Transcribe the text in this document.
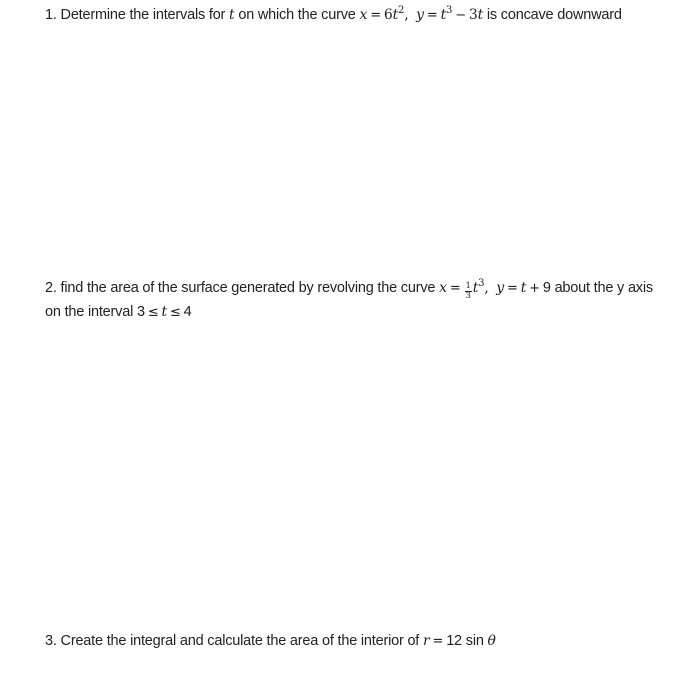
1. Determine the intervals for t on which the curve $x = 6t^2$, $y = t^3 - 3t$ is concave downward
2. find the area of the surface generated by revolving the curve $x = \frac{1}{3} t^3$, y = t + 9 about the y axis on the interval 3 ≤ t ≤ 4
3. Create the integral and calculate the area of the interior of r = 12 sin θ
